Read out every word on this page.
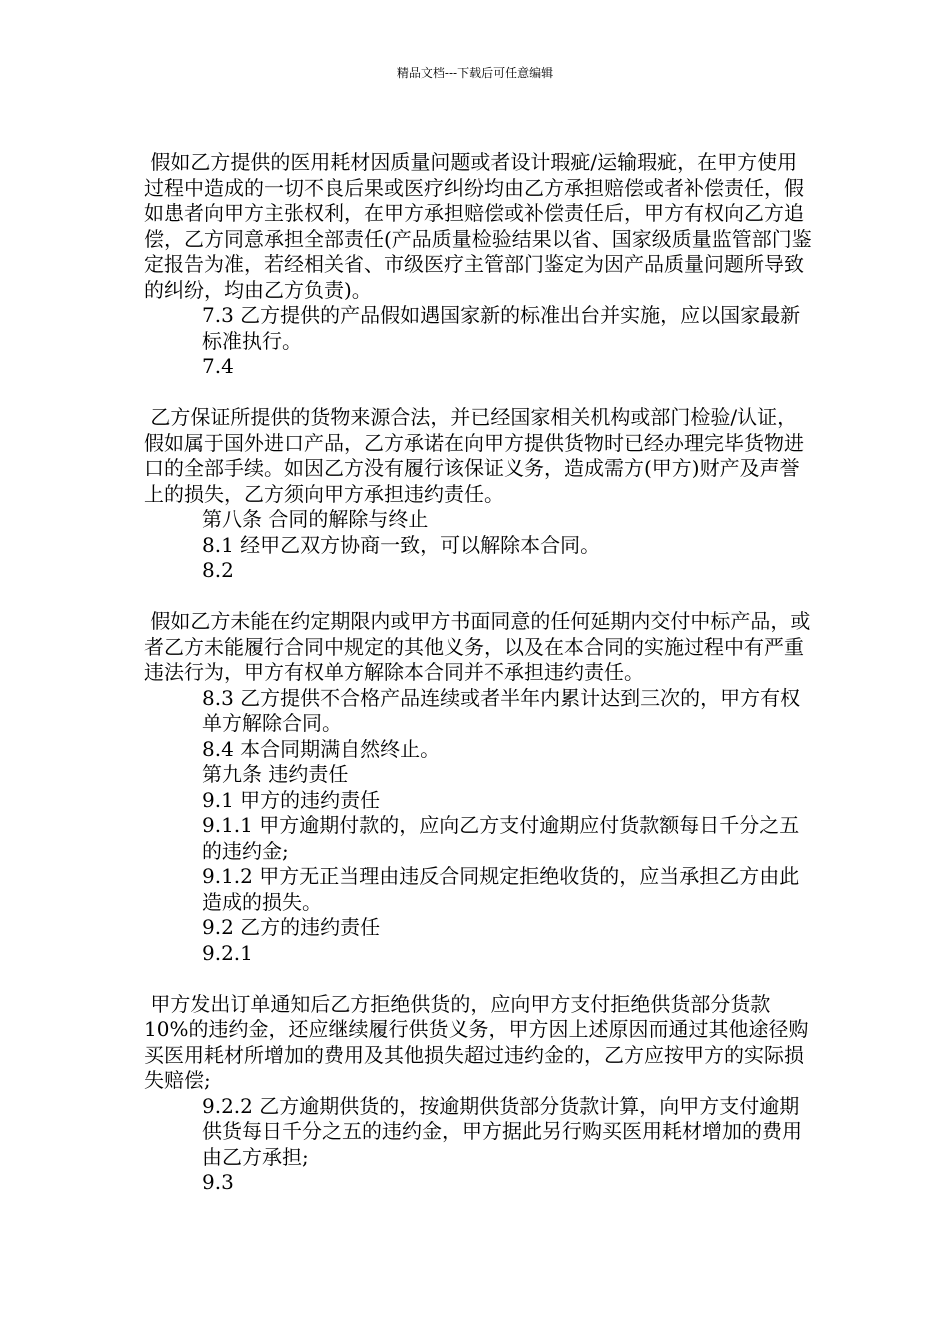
精品文档---下载后可任意编辑

假如乙方提供的医用耗材因质量问题或者设计瑕疵/运输瑕疵，在甲方使用过程中造成的一切不良后果或医疗纠纷均由乙方承担赔偿或者补偿责任，假如患者向甲方主张权利，在甲方承担赔偿或补偿责任后，甲方有权向乙方追偿，乙方同意承担全部责任(产品质量检验结果以省、国家级质量监管部门鉴定报告为准，若经相关省、市级医疗主管部门鉴定为因产品质量问题所导致的纠纷，均由乙方负责)。

7.3 乙方提供的产品假如遇国家新的标准出台并实施，应以国家最新标准执行。

7.4

乙方保证所提供的货物来源合法，并已经国家相关机构或部门检验/认证，假如属于国外进口产品，乙方承诺在向甲方提供货物时已经办理完毕货物进口的全部手续。如因乙方没有履行该保证义务，造成需方(甲方)财产及声誉上的损失，乙方须向甲方承担违约责任。

第八条 合同的解除与终止

8.1 经甲乙双方协商一致，可以解除本合同。

8.2

假如乙方未能在约定期限内或甲方书面同意的任何延期内交付中标产品，或者乙方未能履行合同中规定的其他义务，以及在本合同的实施过程中有严重违法行为，甲方有权单方解除本合同并不承担违约责任。

8.3 乙方提供不合格产品连续或者半年内累计达到三次的，甲方有权单方解除合同。

8.4 本合同期满自然终止。

第九条 违约责任

9.1 甲方的违约责任

9.1.1 甲方逾期付款的，应向乙方支付逾期应付货款额每日千分之五的违约金;

9.1.2 甲方无正当理由违反合同规定拒绝收货的，应当承担乙方由此造成的损失。

9.2 乙方的违约责任

9.2.1

甲方发出订单通知后乙方拒绝供货的，应向甲方支付拒绝供货部分货款 10%的违约金，还应继续履行供货义务，甲方因上述原因而通过其他途径购买医用耗材所增加的费用及其他损失超过违约金的，乙方应按甲方的实际损失赔偿;

9.2.2 乙方逾期供货的，按逾期供货部分货款计算，向甲方支付逾期供货每日千分之五的违约金，甲方据此另行购买医用耗材增加的费用由乙方承担;

9.3
